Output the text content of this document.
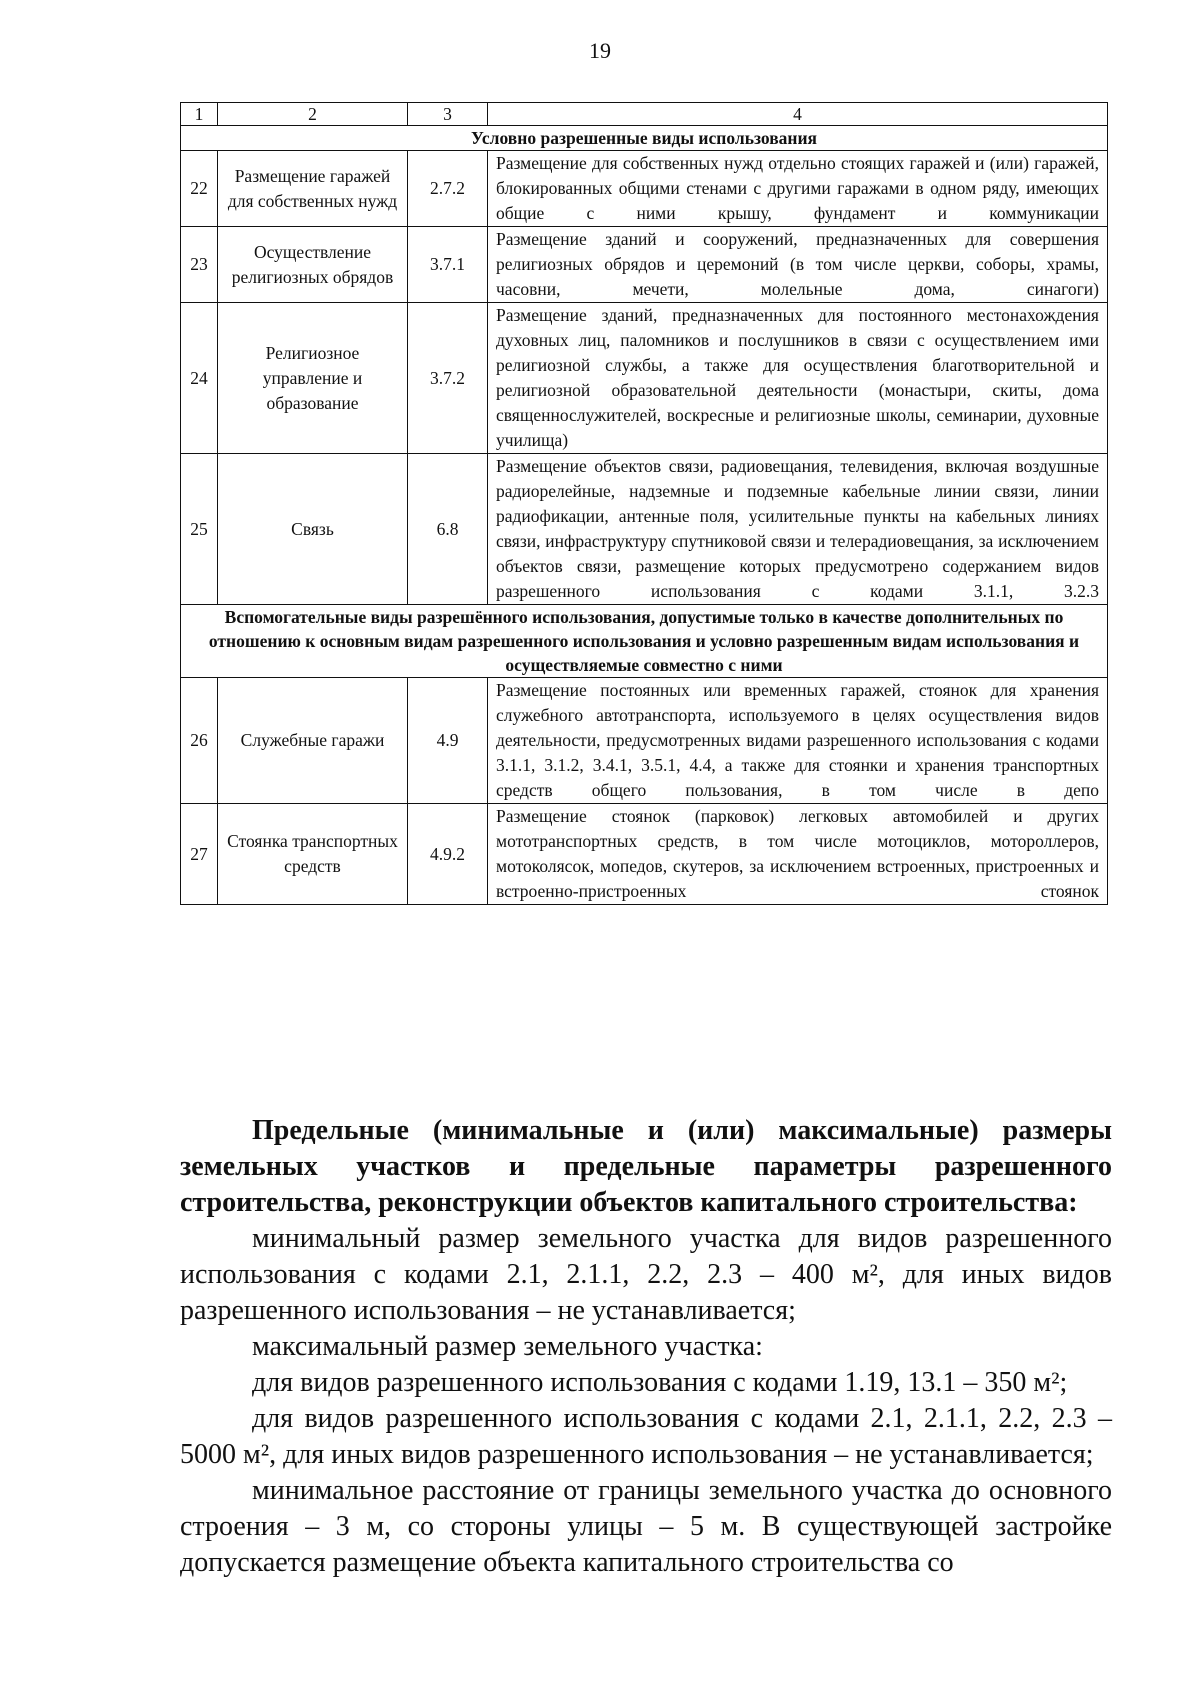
19
1	2	3	4
Условно разрешенные виды использования			
22	Размещение гаражей для собственных нужд	2.7.2	Размещение для собственных нужд отдельно стоящих гаражей и (или) гаражей, блокированных общими стенами с другими гаражами в одном ряду, имеющих общие с ними крышу, фундамент и коммуникации
23	Осуществление религиозных обрядов	3.7.1	Размещение зданий и сооружений, предназначенных для совершения религиозных обрядов и церемоний (в том числе церкви, соборы, храмы, часовни, мечети, молельные дома, синагоги)
24	Религиозное управление и образование	3.7.2	Размещение зданий, предназначенных для постоянного местонахождения духовных лиц, паломников и послушников в связи с осуществлением ими религиозной службы, а также для осуществления благотворительной и религиозной образовательной деятельности (монастыри, скиты, дома священнослужителей, воскресные и религиозные школы, семинарии, духовные училища)
25	Связь	6.8	Размещение объектов связи, радиовещания, телевидения, включая воздушные радиорелейные, надземные и подземные кабельные линии связи, линии радиофикации, антенные поля, усилительные пункты на кабельных линиях связи, инфраструктуру спутниковой связи и телерадиовещания, за исключением объектов связи, размещение которых предусмотрено содержанием видов разрешенного использования с кодами 3.1.1, 3.2.3
Вспомогательные виды разрешённого использования, допустимые только в качестве дополнительных по отношению к основным видам разрешенного использования и условно разрешенным видам использования и осуществляемые совместно с ними			
26	Служебные гаражи	4.9	Размещение постоянных или временных гаражей, стоянок для хранения служебного автотранспорта, используемого в целях осуществления видов деятельности, предусмотренных видами разрешенного использования с кодами 3.1.1, 3.1.2, 3.4.1, 3.5.1, 4.4, а также для стоянки и хранения транспортных средств общего пользования, в том числе в депо
27	Стоянка транспортных средств	4.9.2	Размещение стоянок (парковок) легковых автомобилей и других мототранспортных средств, в том числе мотоциклов, мотороллеров, мотоколясок, мопедов, скутеров, за исключением встроенных, пристроенных и встроенно-пристроенных стоянок

Предельные (минимальные и (или) максимальные) размеры земельных участков и предельные параметры разрешенного строительства, реконструкции объектов капитального строительства:

минимальный размер земельного участка для видов разрешенного использования с кодами 2.1, 2.1.1, 2.2, 2.3 – 400 м², для иных видов разрешенного использования – не устанавливается;

максимальный размер земельного участка:

для видов разрешенного использования с кодами 1.19, 13.1 – 350 м²;

для видов разрешенного использования с кодами 2.1, 2.1.1, 2.2, 2.3 – 5000 м², для иных видов разрешенного использования – не устанавливается;

минимальное расстояние от границы земельного участка до основного строения – 3 м, со стороны улицы – 5 м. В существующей застройке допускается размещение объекта капитального строительства со
